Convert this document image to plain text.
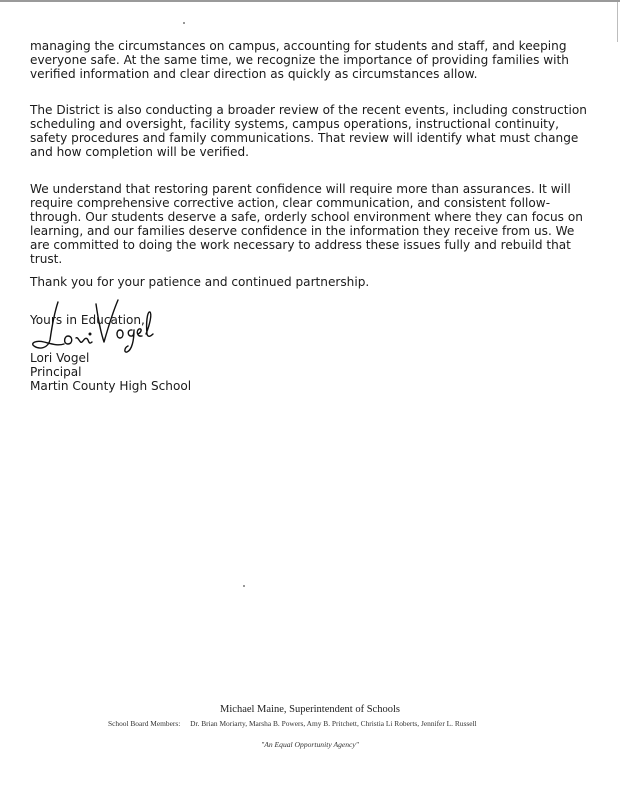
managing the circumstances on campus, accounting for students and staff, and keeping everyone safe. At the same time, we recognize the importance of providing families with verified information and clear direction as quickly as circumstances allow.

The District is also conducting a broader review of the recent events, including construction scheduling and oversight, facility systems, campus operations, instructional continuity, safety procedures and family communications. That review will identify what must change and how completion will be verified.

We understand that restoring parent confidence will require more than assurances. It will require comprehensive corrective action, clear communication, and consistent follow-through. Our students deserve a safe, orderly school environment where they can focus on learning, and our families deserve confidence in the information they receive from us. We are committed to doing the work necessary to address these issues fully and rebuild that trust.

Thank you for your patience and continued partnership.

Yours in Education,
Lori Vogel
Principal
Martin County High School
Michael Maine, Superintendent of Schools
School Board Members: Dr. Brian Moriarty, Marsha B. Powers, Amy B. Pritchett, Christia Li Roberts, Jennifer L. Russell
"An Equal Opportunity Agency"
